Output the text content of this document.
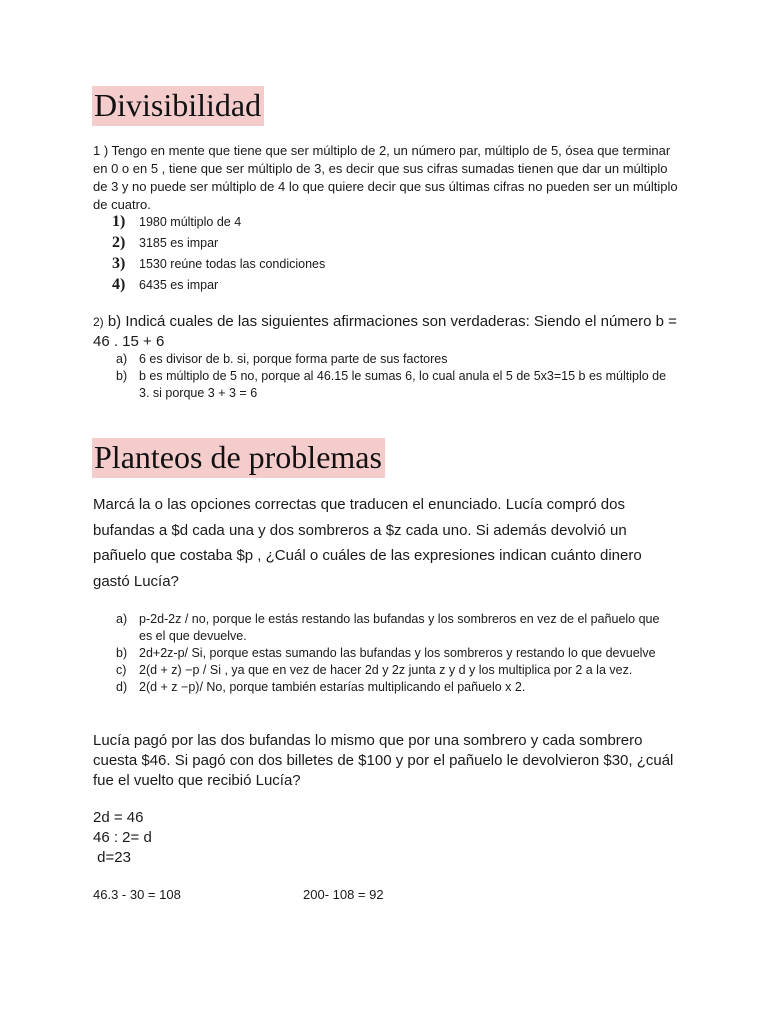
Divisibilidad

1 ) Tengo en mente que tiene que ser múltiplo de 2, un número par, múltiplo de 5, ósea que terminar en 0 o en 5 , tiene que ser múltiplo de 3, es decir que sus cifras sumadas tienen que dar un múltiplo de 3 y no puede ser múltiplo de 4 lo que quiere decir que sus últimas cifras no pueden ser un múltiplo de cuatro.

1)	1980 múltiplo de 4
2)	3185 es impar
3)	1530 reúne todas las condiciones
4)	6435 es impar

2) b) Indicá cuales de las siguientes afirmaciones son verdaderas: Siendo el número b = 46 . 15 + 6

a) 6 es divisor de b. si, porque forma parte de sus factores
b) b es múltiplo de 5 no, porque al 46.15 le sumas 6, lo cual anula el 5 de 5x3=15 b es múltiplo de 3. si porque 3 + 3 = 6
Planteos de problemas

Marcá la o las opciones correctas que traducen el enunciado. Lucía compró dos bufandas a $d cada una y dos sombreros a $z cada uno. Si además devolvió un pañuelo que costaba $p , ¿Cuál o cuáles de las expresiones indican cuánto dinero gastó Lucía?

a) p-2d-2z / no, porque le estás restando las bufandas y los sombreros en vez de el pañuelo que es el que devuelve.
b) 2d+2z-p/ Si, porque estas sumando las bufandas y los sombreros y restando lo que devuelve
c)	2(d + z) −p / Si , ya que en vez de hacer 2d y 2z junta z y d y los multiplica por 2 a la vez.
d) 2(d + z −p)/ No, porque también estarías multiplicando el pañuelo x 2.

Lucía pagó por las dos bufandas lo mismo que por una sombrero y cada sombrero cuesta $46. Si pagó con dos billetes de $100 y por el pañuelo le devolvieron $30, ¿cuál fue el vuelto que recibió Lucía?

2d = 46
46 : 2= d
d=23
46.3 - 30 = 108	200- 108 = 92
